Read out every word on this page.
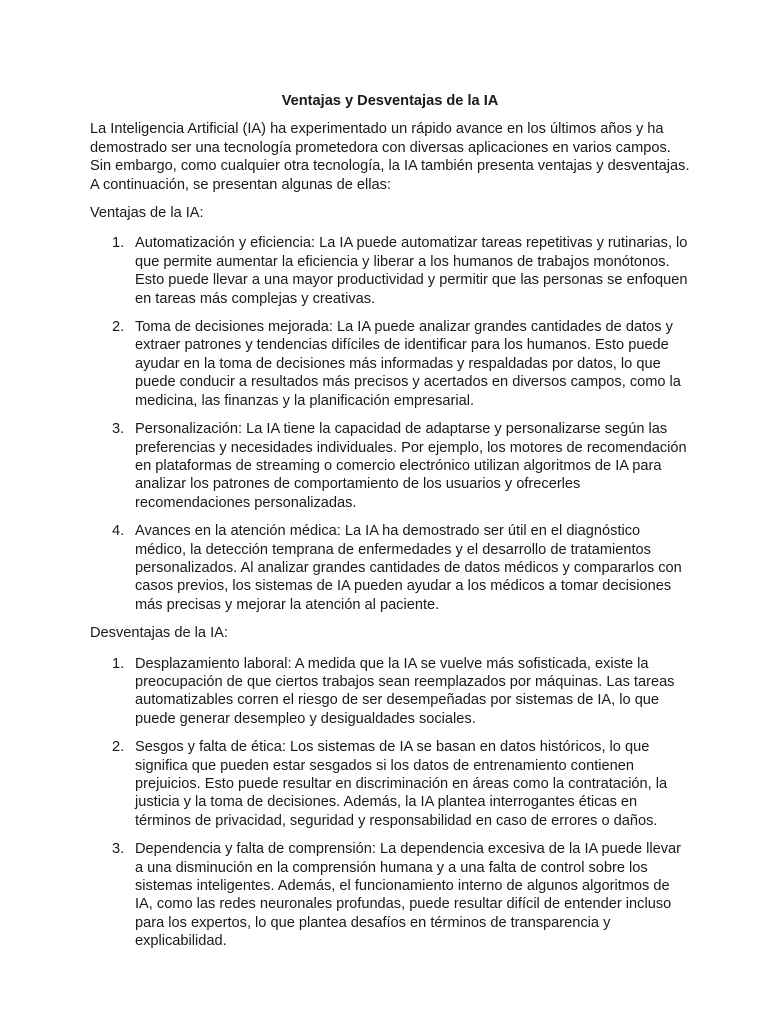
Ventajas y Desventajas de la IA

La Inteligencia Artificial (IA) ha experimentado un rápido avance en los últimos años y ha demostrado ser una tecnología prometedora con diversas aplicaciones en varios campos. Sin embargo, como cualquier otra tecnología, la IA también presenta ventajas y desventajas. A continuación, se presentan algunas de ellas:

Ventajas de la IA:

1. Automatización y eficiencia: La IA puede automatizar tareas repetitivas y rutinarias, lo que permite aumentar la eficiencia y liberar a los humanos de trabajos monótonos. Esto puede llevar a una mayor productividad y permitir que las personas se enfoquen en tareas más complejas y creativas.
2. Toma de decisiones mejorada: La IA puede analizar grandes cantidades de datos y extraer patrones y tendencias difíciles de identificar para los humanos. Esto puede ayudar en la toma de decisiones más informadas y respaldadas por datos, lo que puede conducir a resultados más precisos y acertados en diversos campos, como la medicina, las finanzas y la planificación empresarial.
3. Personalización: La IA tiene la capacidad de adaptarse y personalizarse según las preferencias y necesidades individuales. Por ejemplo, los motores de recomendación en plataformas de streaming o comercio electrónico utilizan algoritmos de IA para analizar los patrones de comportamiento de los usuarios y ofrecerles recomendaciones personalizadas.
4. Avances en la atención médica: La IA ha demostrado ser útil en el diagnóstico médico, la detección temprana de enfermedades y el desarrollo de tratamientos personalizados. Al analizar grandes cantidades de datos médicos y compararlos con casos previos, los sistemas de IA pueden ayudar a los médicos a tomar decisiones más precisas y mejorar la atención al paciente.

Desventajas de la IA:

1. Desplazamiento laboral: A medida que la IA se vuelve más sofisticada, existe la preocupación de que ciertos trabajos sean reemplazados por máquinas. Las tareas automatizables corren el riesgo de ser desempeñadas por sistemas de IA, lo que puede generar desempleo y desigualdades sociales.
2. Sesgos y falta de ética: Los sistemas de IA se basan en datos históricos, lo que significa que pueden estar sesgados si los datos de entrenamiento contienen prejuicios. Esto puede resultar en discriminación en áreas como la contratación, la justicia y la toma de decisiones. Además, la IA plantea interrogantes éticas en términos de privacidad, seguridad y responsabilidad en caso de errores o daños.
3. Dependencia y falta de comprensión: La dependencia excesiva de la IA puede llevar a una disminución en la comprensión humana y a una falta de control sobre los sistemas inteligentes. Además, el funcionamiento interno de algunos algoritmos de IA, como las redes neuronales profundas, puede resultar difícil de entender incluso para los expertos, lo que plantea desafíos en términos de transparencia y explicabilidad.
